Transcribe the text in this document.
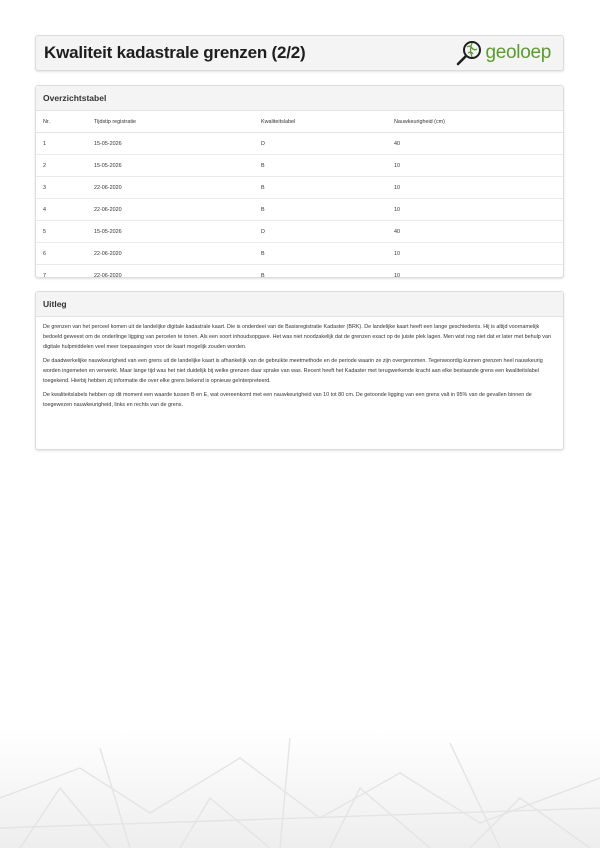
Kwaliteit kadastrale grenzen (2/2)	geoloep
Overzichtstabel
Nr.	Tijdstip registratie	Kwaliteitslabel	Nauwkeurigheid (cm)
1	15-05-2026	D	40
2	15-05-2026	B	10
3	22-06-2020	B	10
4	22-06-2020	B	10
5	15-05-2026	D	40
6	22-06-2020	B	10
7	22-06-2020	B	10
Uitleg

De grenzen van het perceel komen uit de landelijke digitale kadastrale kaart. Die is onderdeel van de Basisregistratie Kadaster (BRK). De landelijke kaart heeft een lange geschiedenis. Hij is altijd voornamelijk bedoeld geweest om de onderlinge ligging van percelen te tonen. Als een soort inhoudsopgave. Het was niet noodzakelijk dat de grenzen exact op de juiste plek lagen. Men wist nog niet dat er later met behulp van digitale hulpmiddelen veel meer toepassingen voor de kaart mogelijk zouden worden.

De daadwerkelijke nauwkeurigheid van een grens uit de landelijke kaart is afhankelijk van de gebruikte meetmethode en de periode waarin ze zijn overgenomen. Tegenwoordig kunnen grenzen heel nauwkeurig worden ingemeten en verwerkt. Maar lange tijd was het niet duidelijk bij welke grenzen daar sprake van was. Recent heeft het Kadaster met terugwerkende kracht aan elke bestaande grens een kwaliteitslabel toegekend. Hierbij hebben zij informatie die over elke grens bekend is opnieuw geïnterpreteerd.

De kwaliteitslabels hebben op dit moment een waarde tussen B en E, wat overeenkomt met een nauwkeurigheid van 10 tot 80 cm. De getoonde ligging van een grens valt in 95% van de gevallen binnen de toegewezen nauwkeurigheid, links en rechts van de grens.
